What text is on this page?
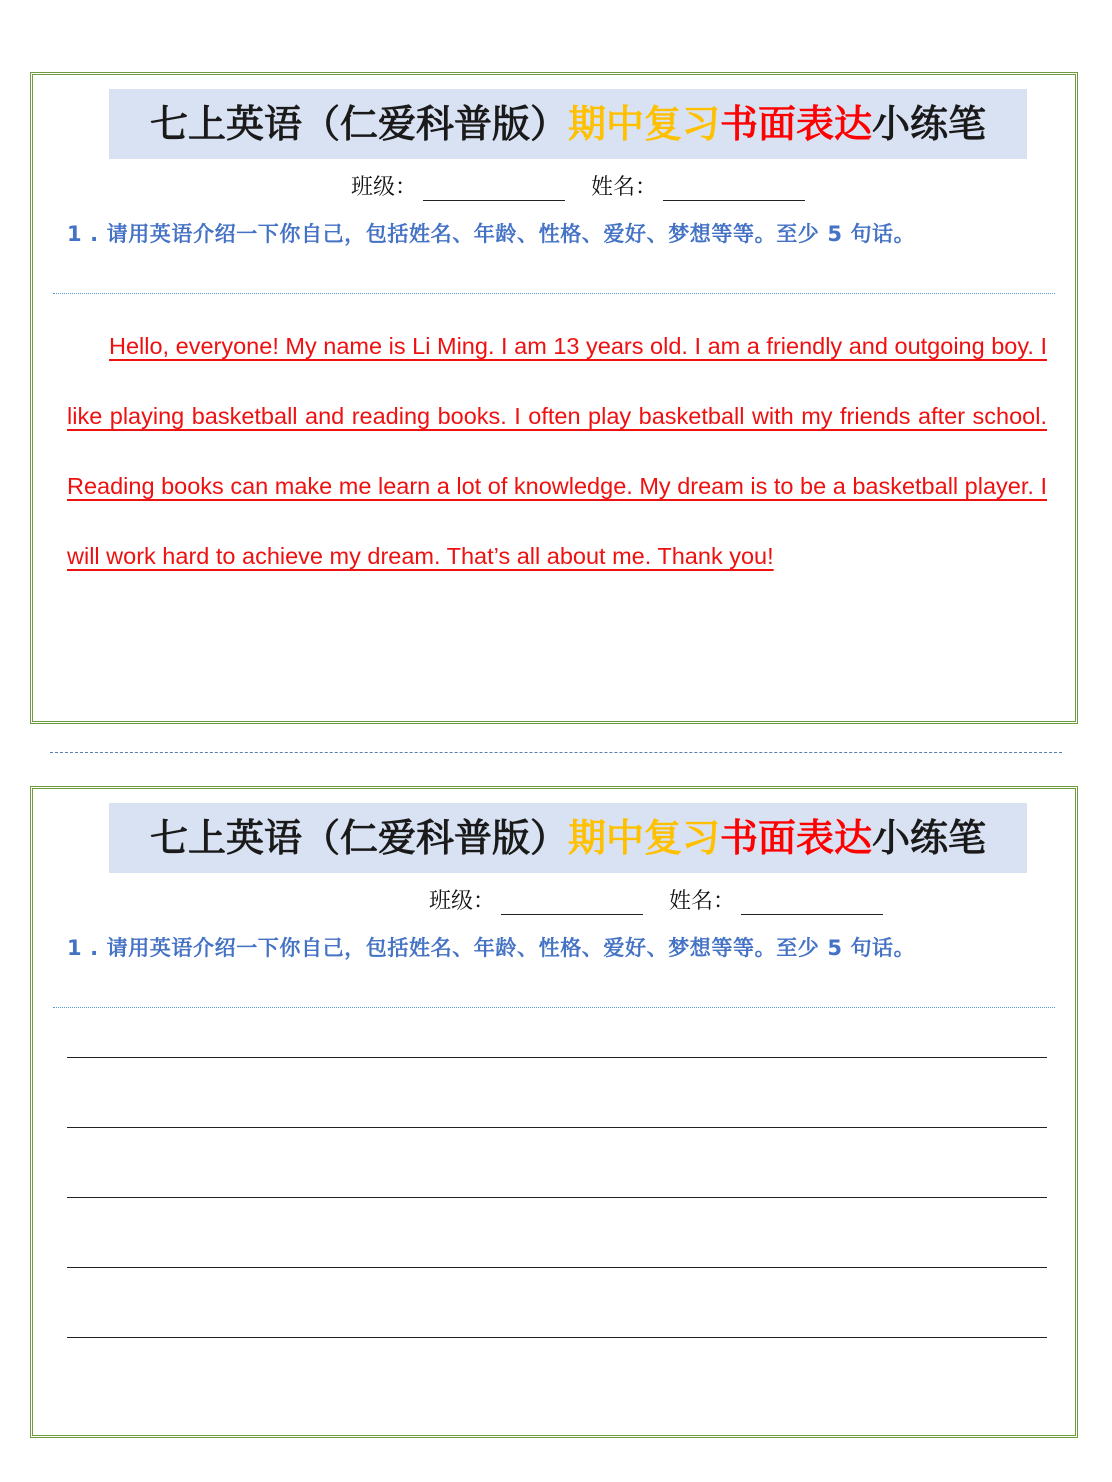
七上英语（仁爱科普版）期中复习书面表达小练笔
班级：	姓名：
1 . 请用英语介绍一下你自己，包括姓名、年龄、性格、爱好、梦想等等。至少 5 句话。
Hello, everyone! My name is Li Ming. I am 13 years old. I am a friendly and outgoing boy. I like playing basketball and reading books. I often play basketball with my friends after school. Reading books can make me learn a lot of knowledge. My dream is to be a basketball player. I will work hard to achieve my dream. That’s all about me. Thank you!
七上英语（仁爱科普版）期中复习书面表达小练笔
班级：	姓名：
1 . 请用英语介绍一下你自己，包括姓名、年龄、性格、爱好、梦想等等。至少 5 句话。
